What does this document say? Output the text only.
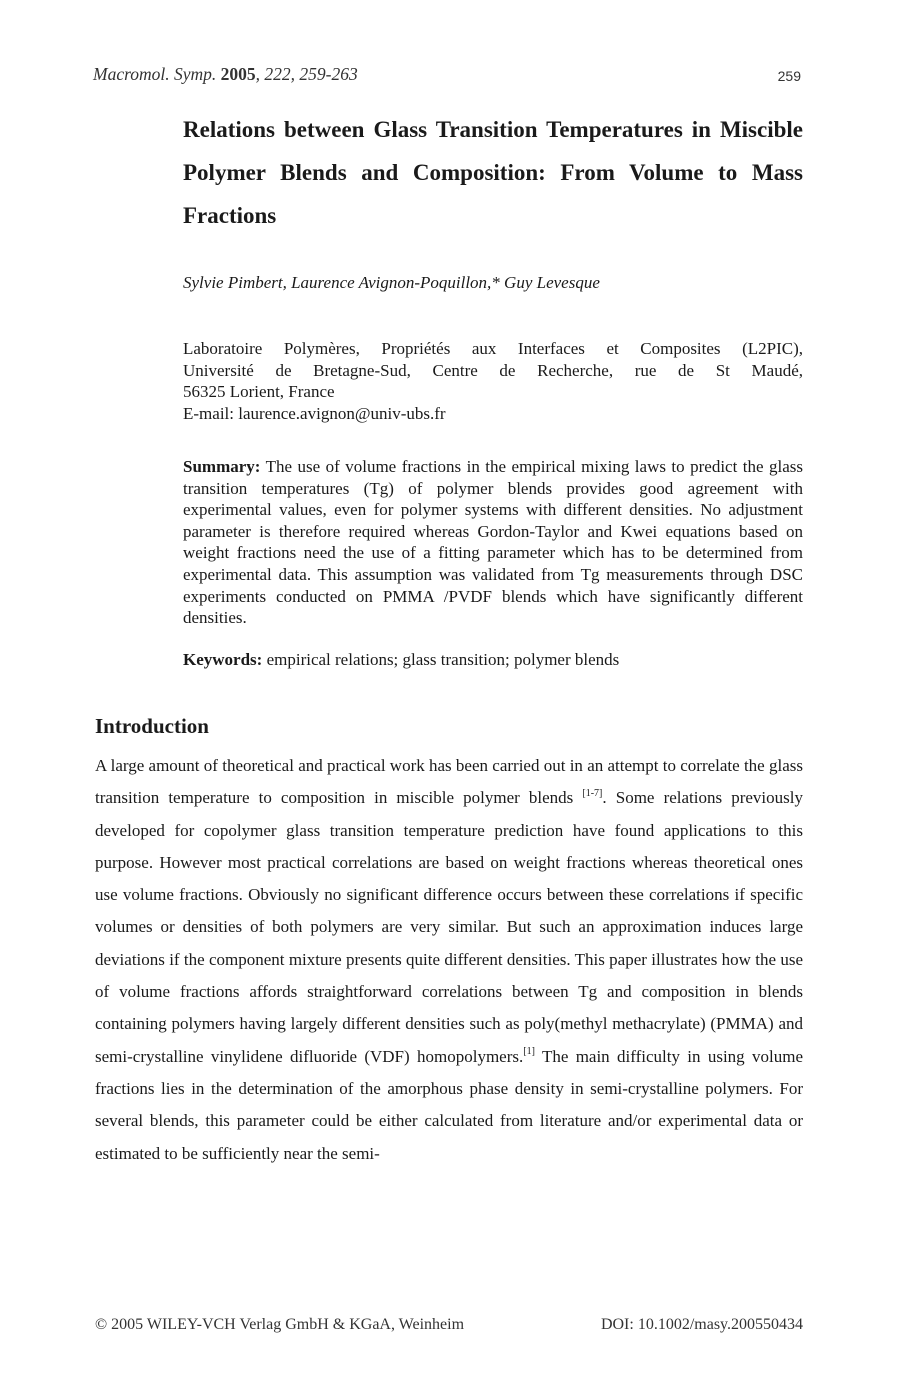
Macromol. Symp. 2005, 222, 259-263	259
Relations between Glass Transition Temperatures in Miscible Polymer Blends and Composition: From Volume to Mass Fractions
Sylvie Pimbert, Laurence Avignon-Poquillon,* Guy Levesque
Laboratoire Polymères, Propriétés aux Interfaces et Composites (L2PIC),
Université de Bretagne-Sud, Centre de Recherche, rue de St Maudé,
56325 Lorient, France
E-mail: laurence.avignon@univ-ubs.fr
Summary: The use of volume fractions in the empirical mixing laws to predict the glass transition temperatures (Tg) of polymer blends provides good agreement with experimental values, even for polymer systems with different densities. No adjustment parameter is therefore required whereas Gordon-Taylor and Kwei equations based on weight fractions need the use of a fitting parameter which has to be determined from experimental data. This assumption was validated from Tg measurements through DSC experiments conducted on PMMA /PVDF blends which have significantly different densities.
Keywords: empirical relations; glass transition; polymer blends
Introduction
A large amount of theoretical and practical work has been carried out in an attempt to correlate the glass transition temperature to composition in miscible polymer blends [1-7]. Some relations previously developed for copolymer glass transition temperature prediction have found applications to this purpose. However most practical correlations are based on weight fractions whereas theoretical ones use volume fractions. Obviously no significant difference occurs between these correlations if specific volumes or densities of both polymers are very similar. But such an approximation induces large deviations if the component mixture presents quite different densities. This paper illustrates how the use of volume fractions affords straightforward correlations between Tg and composition in blends containing polymers having largely different densities such as poly(methyl methacrylate) (PMMA) and semi-crystalline vinylidene difluoride (VDF) homopolymers.[1] The main difficulty in using volume fractions lies in the determination of the amorphous phase density in semi-crystalline polymers. For several blends, this parameter could be either calculated from literature and/or experimental data or estimated to be sufficiently near the semi-
© 2005 WILEY-VCH Verlag GmbH & KGaA, Weinheim	DOI: 10.1002/masy.200550434
